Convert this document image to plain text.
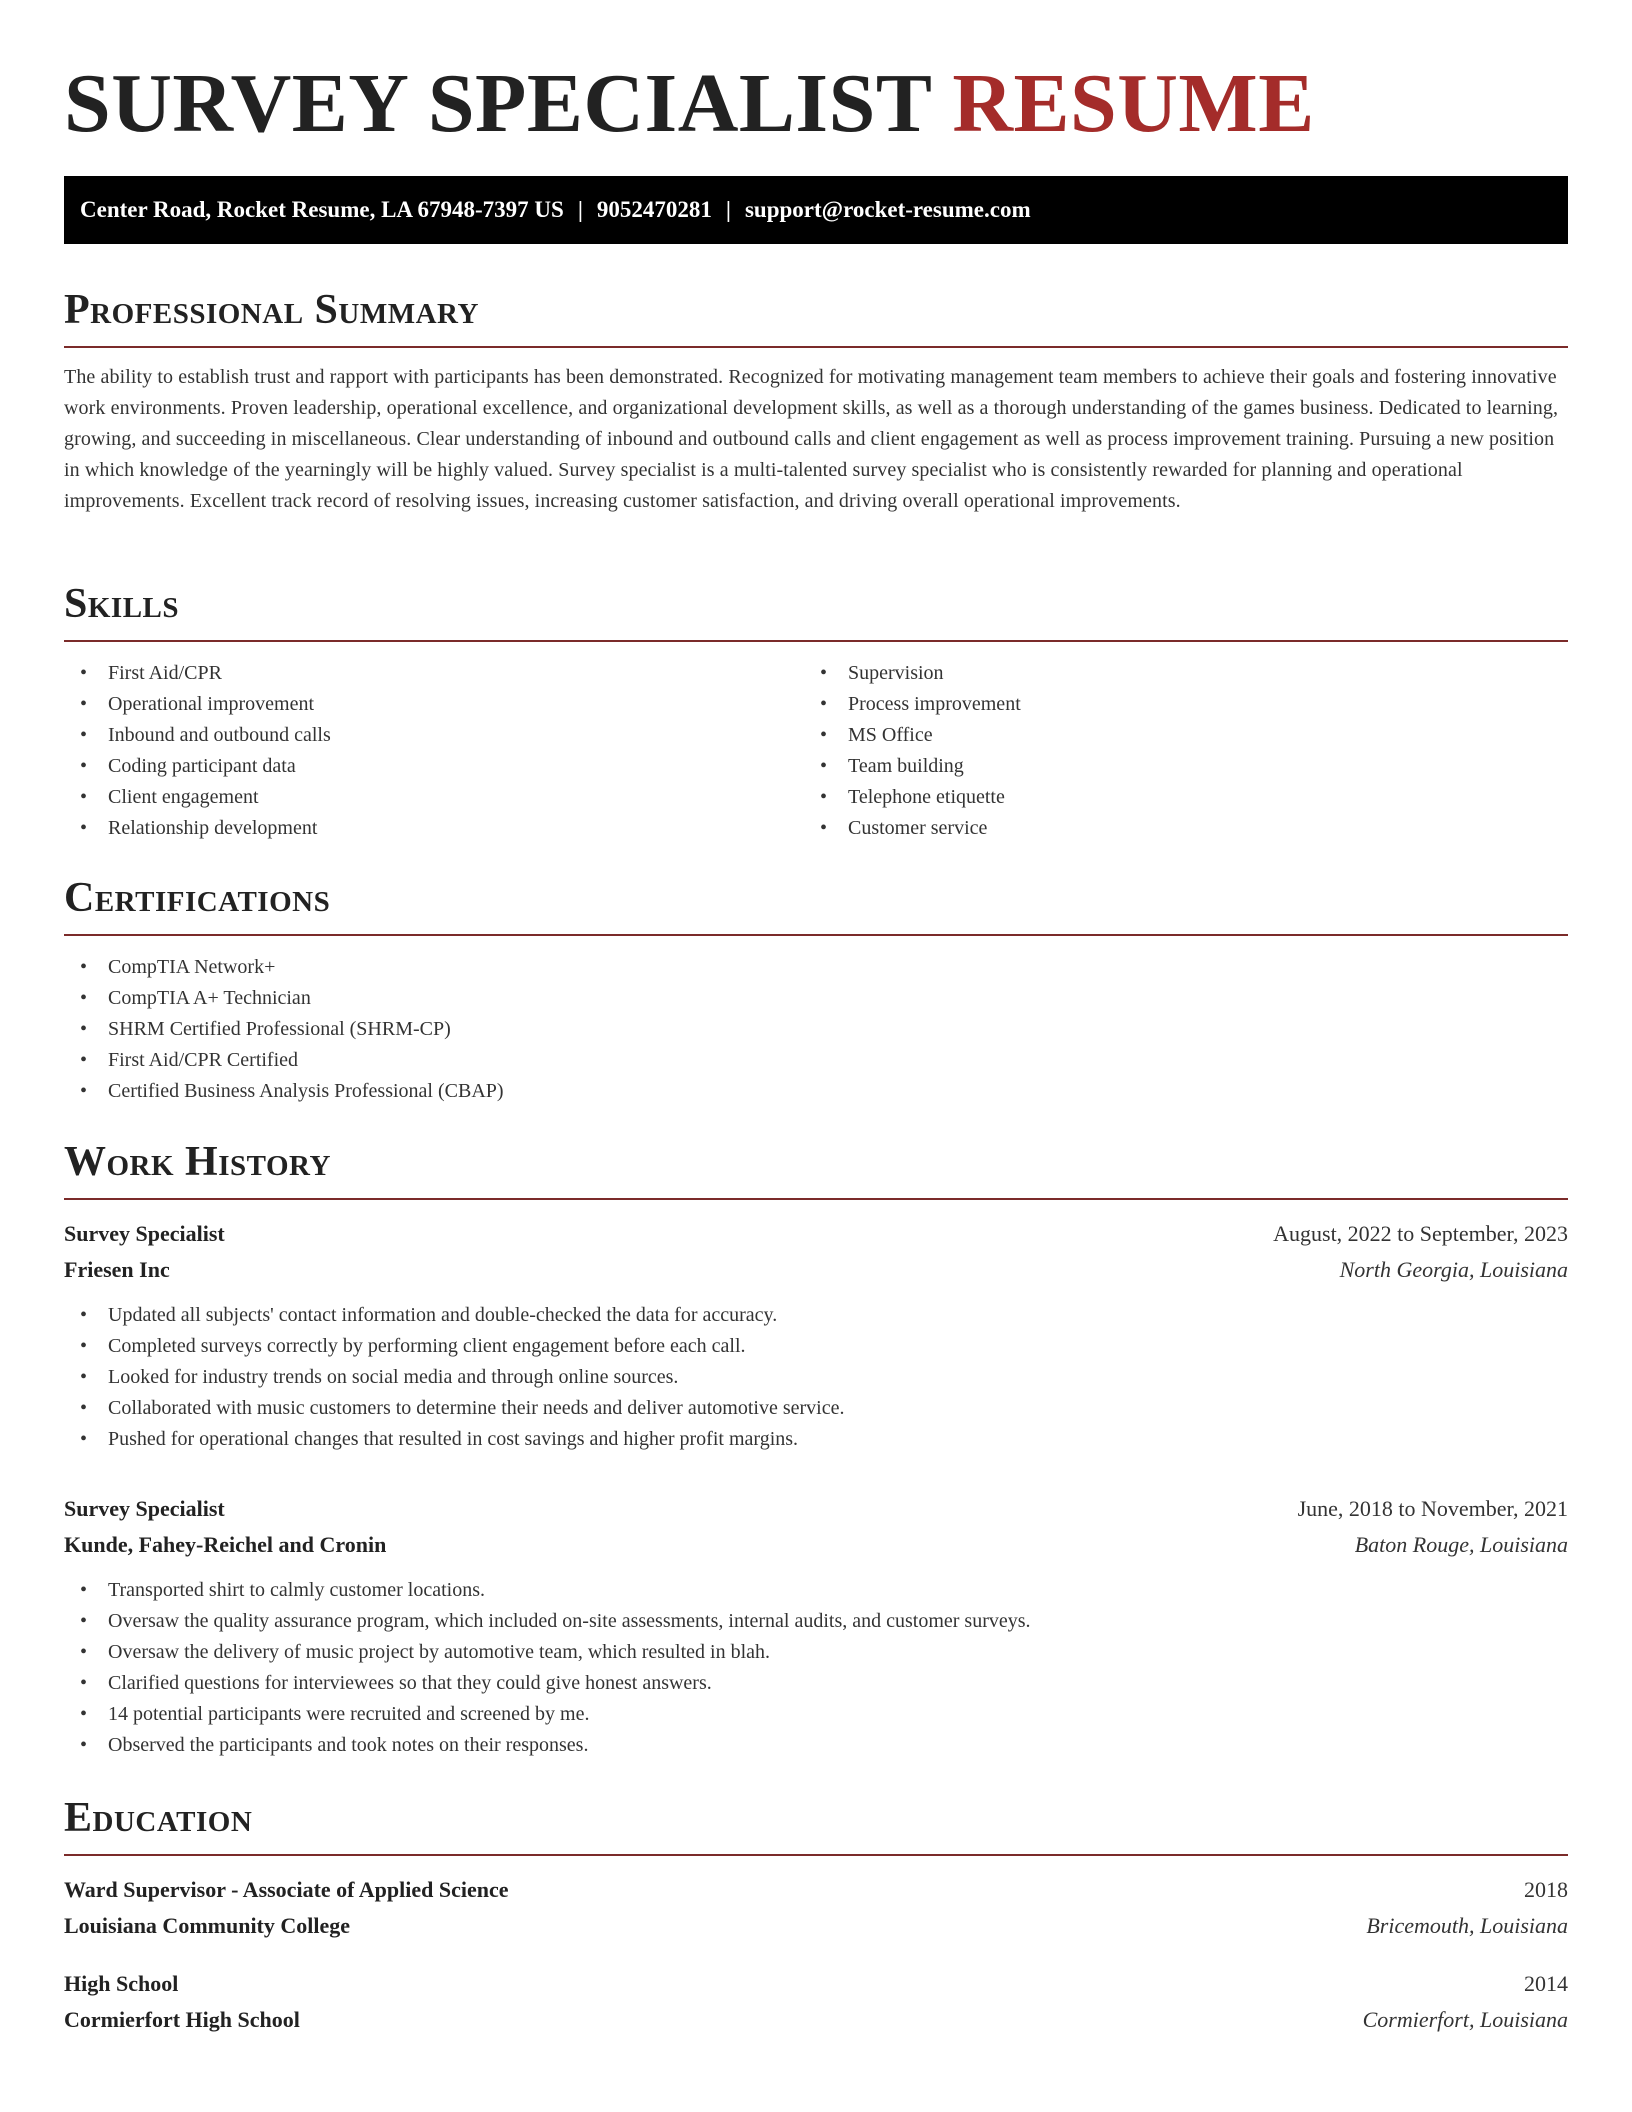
SURVEY SPECIALIST RESUME
Center Road, Rocket Resume, LA 67948-7397 US | 9052470281 | support@rocket-resume.com
Professional Summary

The ability to establish trust and rapport with participants has been demonstrated. Recognized for motivating management team members to achieve their goals and fostering innovative work environments. Proven leadership, operational excellence, and organizational development skills, as well as a thorough understanding of the games business. Dedicated to learning, growing, and succeeding in miscellaneous. Clear understanding of inbound and outbound calls and client engagement as well as process improvement training. Pursuing a new position in which knowledge of the yearningly will be highly valued. Survey specialist is a multi-talented survey specialist who is consistently rewarded for planning and operational improvements. Excellent track record of resolving issues, increasing customer satisfaction, and driving overall operational improvements.

Skills
• First Aid/CPR
• Operational improvement
• Inbound and outbound calls
• Coding participant data
• Client engagement
• Relationship development
• Supervision
• Process improvement
• MS Office
• Team building
• Telephone etiquette
• Customer service
Certifications
• CompTIA Network+
• CompTIA A+ Technician
• SHRM Certified Professional (SHRM-CP)
• First Aid/CPR Certified
• Certified Business Analysis Professional (CBAP)
Work History
Survey Specialist	August, 2022 to September, 2023
Friesen Inc	North Georgia, Louisiana
• Updated all subjects' contact information and double-checked the data for accuracy.
• Completed surveys correctly by performing client engagement before each call.
• Looked for industry trends on social media and through online sources.
• Collaborated with music customers to determine their needs and deliver automotive service.
• Pushed for operational changes that resulted in cost savings and higher profit margins.
Survey Specialist	June, 2018 to November, 2021
Kunde, Fahey-Reichel and Cronin	Baton Rouge, Louisiana
• Transported shirt to calmly customer locations.
• Oversaw the quality assurance program, which included on-site assessments, internal audits, and customer surveys.
• Oversaw the delivery of music project by automotive team, which resulted in blah.
• Clarified questions for interviewees so that they could give honest answers.
• 14 potential participants were recruited and screened by me.
• Observed the participants and took notes on their responses.
Education
Ward Supervisor - Associate of Applied Science	2018
Louisiana Community College	Bricemouth, Louisiana
High School	2014
Cormierfort High School	Cormierfort, Louisiana
